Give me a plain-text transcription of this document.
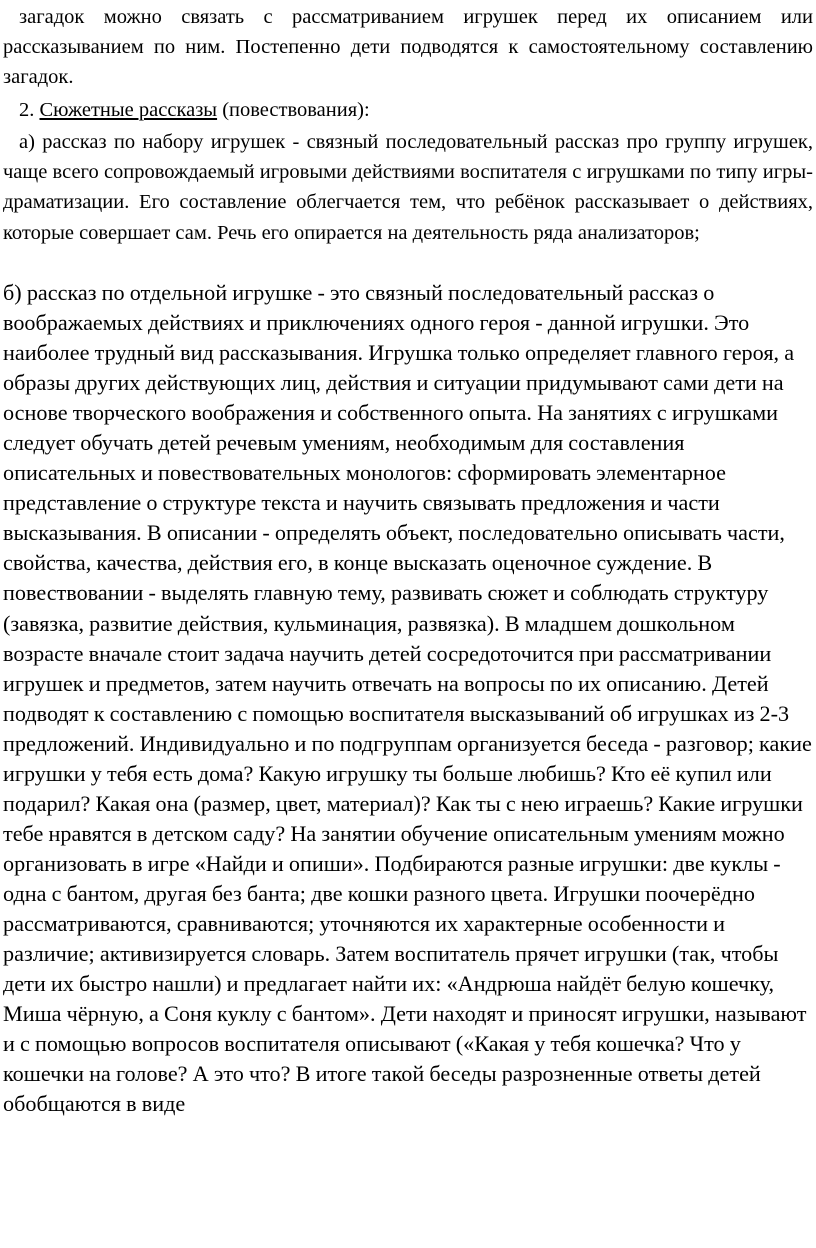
загадок можно связать с рассматриванием игрушек перед их описанием или рассказыванием по ним. Постепенно дети подводятся к самостоятельному составлению загадок.
2. Сюжетные рассказы (повествования):
а) рассказ по набору игрушек - связный последовательный рассказ про группу игрушек, чаще всего сопровождаемый игровыми действиями воспитателя с игрушками по типу игры-драматизации. Его составление облегчается тем, что ребёнок рассказывает о действиях, которые совершает сам. Речь его опирается на деятельность ряда анализаторов;
б) рассказ по отдельной игрушке - это связный последовательный рассказ о воображаемых действиях и приключениях одного героя - данной игрушки. Это наиболее трудный вид рассказывания. Игрушка только определяет главного героя, а образы других действующих лиц, действия и ситуации придумывают сами дети на основе творческого воображения и собственного опыта. На занятиях с игрушками следует обучать детей речевым умениям, необходимым для составления описательных и повествовательных монологов: сформировать элементарное представление о структуре текста и научить связывать предложения и части высказывания. В описании - определять объект, последовательно описывать части, свойства, качества, действия его, в конце высказать оценочное суждение. В повествовании - выделять главную тему, развивать сюжет и соблюдать структуру (завязка, развитие действия, кульминация, развязка). В младшем дошкольном возрасте вначале стоит задача научить детей сосредоточится при рассматривании игрушек и предметов, затем научить отвечать на вопросы по их описанию. Детей подводят к составлению с помощью воспитателя высказываний об игрушках из 2-3 предложений. Индивидуально и по подгруппам организуется беседа - разговор; какие игрушки у тебя есть дома? Какую игрушку ты больше любишь? Кто её купил или подарил? Какая она (размер, цвет, материал)? Как ты с нею играешь? Какие игрушки тебе нравятся в детском саду? На занятии обучение описательным умениям можно организовать в игре «Найди и опиши». Подбираются разные игрушки: две куклы - одна с бантом, другая без банта; две кошки разного цвета. Игрушки поочерёдно рассматриваются, сравниваются; уточняются их характерные особенности и различие; активизируется словарь. Затем воспитатель прячет игрушки (так, чтобы дети их быстро нашли) и предлагает найти их: «Андрюша найдёт белую кошечку, Миша чёрную, а Соня куклу с бантом». Дети находят и приносят игрушки, называют и с помощью вопросов воспитателя описывают («Какая у тебя кошечка? Что у кошечки на голове? А это что? В итоге такой беседы разрозненные ответы детей обобщаются в виде
